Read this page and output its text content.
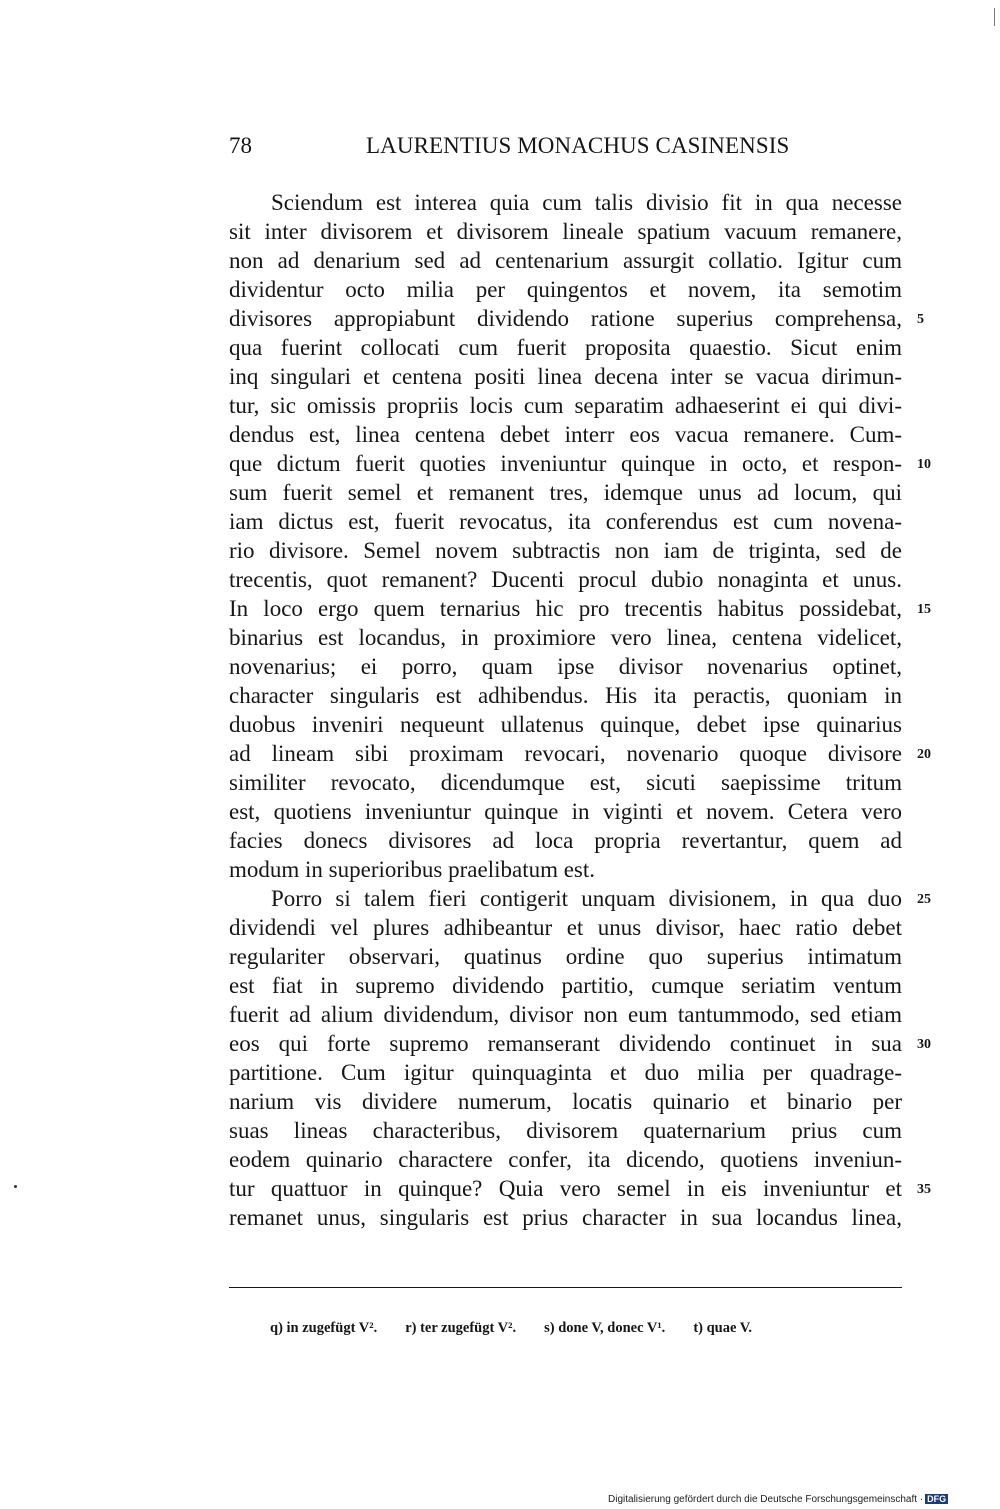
78	LAURENTIUS MONACHUS CASINENSIS
Sciendum est interea quia cum talis divisio fit in qua necesse
sit inter divisorem et divisorem lineale spatium vacuum remanere,
non ad denarium sed ad centenarium assurgit collatio. Igitur cum
dividentur octo milia per quingentos et novem, ita semotim
divisores appropiabunt dividendo ratione superius comprehensa, 5
qua fuerint collocati cum fuerit proposita quaestio. Sicut enim
inq singulari et centena positi linea decena inter se vacua dirimun-
tur, sic omissis propriis locis cum separatim adhaeserint ei qui divi-
dendus est, linea centena debet interr eos vacua remanere. Cum-
que dictum fuerit quoties inveniuntur quinque in octo, et respon- 10
sum fuerit semel et remanent tres, idemque unus ad locum, qui
iam dictus est, fuerit revocatus, ita conferendus est cum novena-
rio divisore. Semel novem subtractis non iam de triginta, sed de
trecentis, quot remanent? Ducenti procul dubio nonaginta et unus.
In loco ergo quem ternarius hic pro trecentis habitus possidebat, 15
binarius est locandus, in proximiore vero linea, centena videlicet,
novenarius; ei porro, quam ipse divisor novenarius optinet,
character singularis est adhibendus. His ita peractis, quoniam in
duobus inveniri nequeunt ullatenus quinque, debet ipse quinarius
ad lineam sibi proximam revocari, novenario quoque divisore 20
similiter revocato, dicendumque est, sicuti saepissime tritum
est, quotiens inveniuntur quinque in viginti et novem. Cetera vero
facies donecs divisores ad loca propria revertantur, quem ad
modum in superioribus praelibatum est.
Porro si talem fieri contigerit unquam divisionem, in qua duo 25
dividendi vel plures adhibeantur et unus divisor, haec ratio debet
regulariter observari, quatinus ordine quo superius intimatum
est fiat in supremo dividendo partitio, cumque seriatim ventum
fuerit ad alium dividendum, divisor non eum tantummodo, sed etiam
eos qui forte supremo remanserant dividendo continuet in sua 30
partitione. Cum igitur quinquaginta et duo milia per quadrage-
narium vis dividere numerum, locatis quinario et binario per
suas lineas characteribus, divisorem quaternarium prius cum
eodem quinario charactere confer, ita dicendo, quotiens inveniun-
tur quattuor in quinque? Quia vero semel in eis inveniuntur et 35
remanet unus, singularis est prius character in sua locandus linea,
q) in zugefügt V². r) ter zugefügt V². s) done V, donec V¹. t) quae V.
Digitalisierung gefördert durch die Deutsche Forschungsgemeinschaft · DFG
